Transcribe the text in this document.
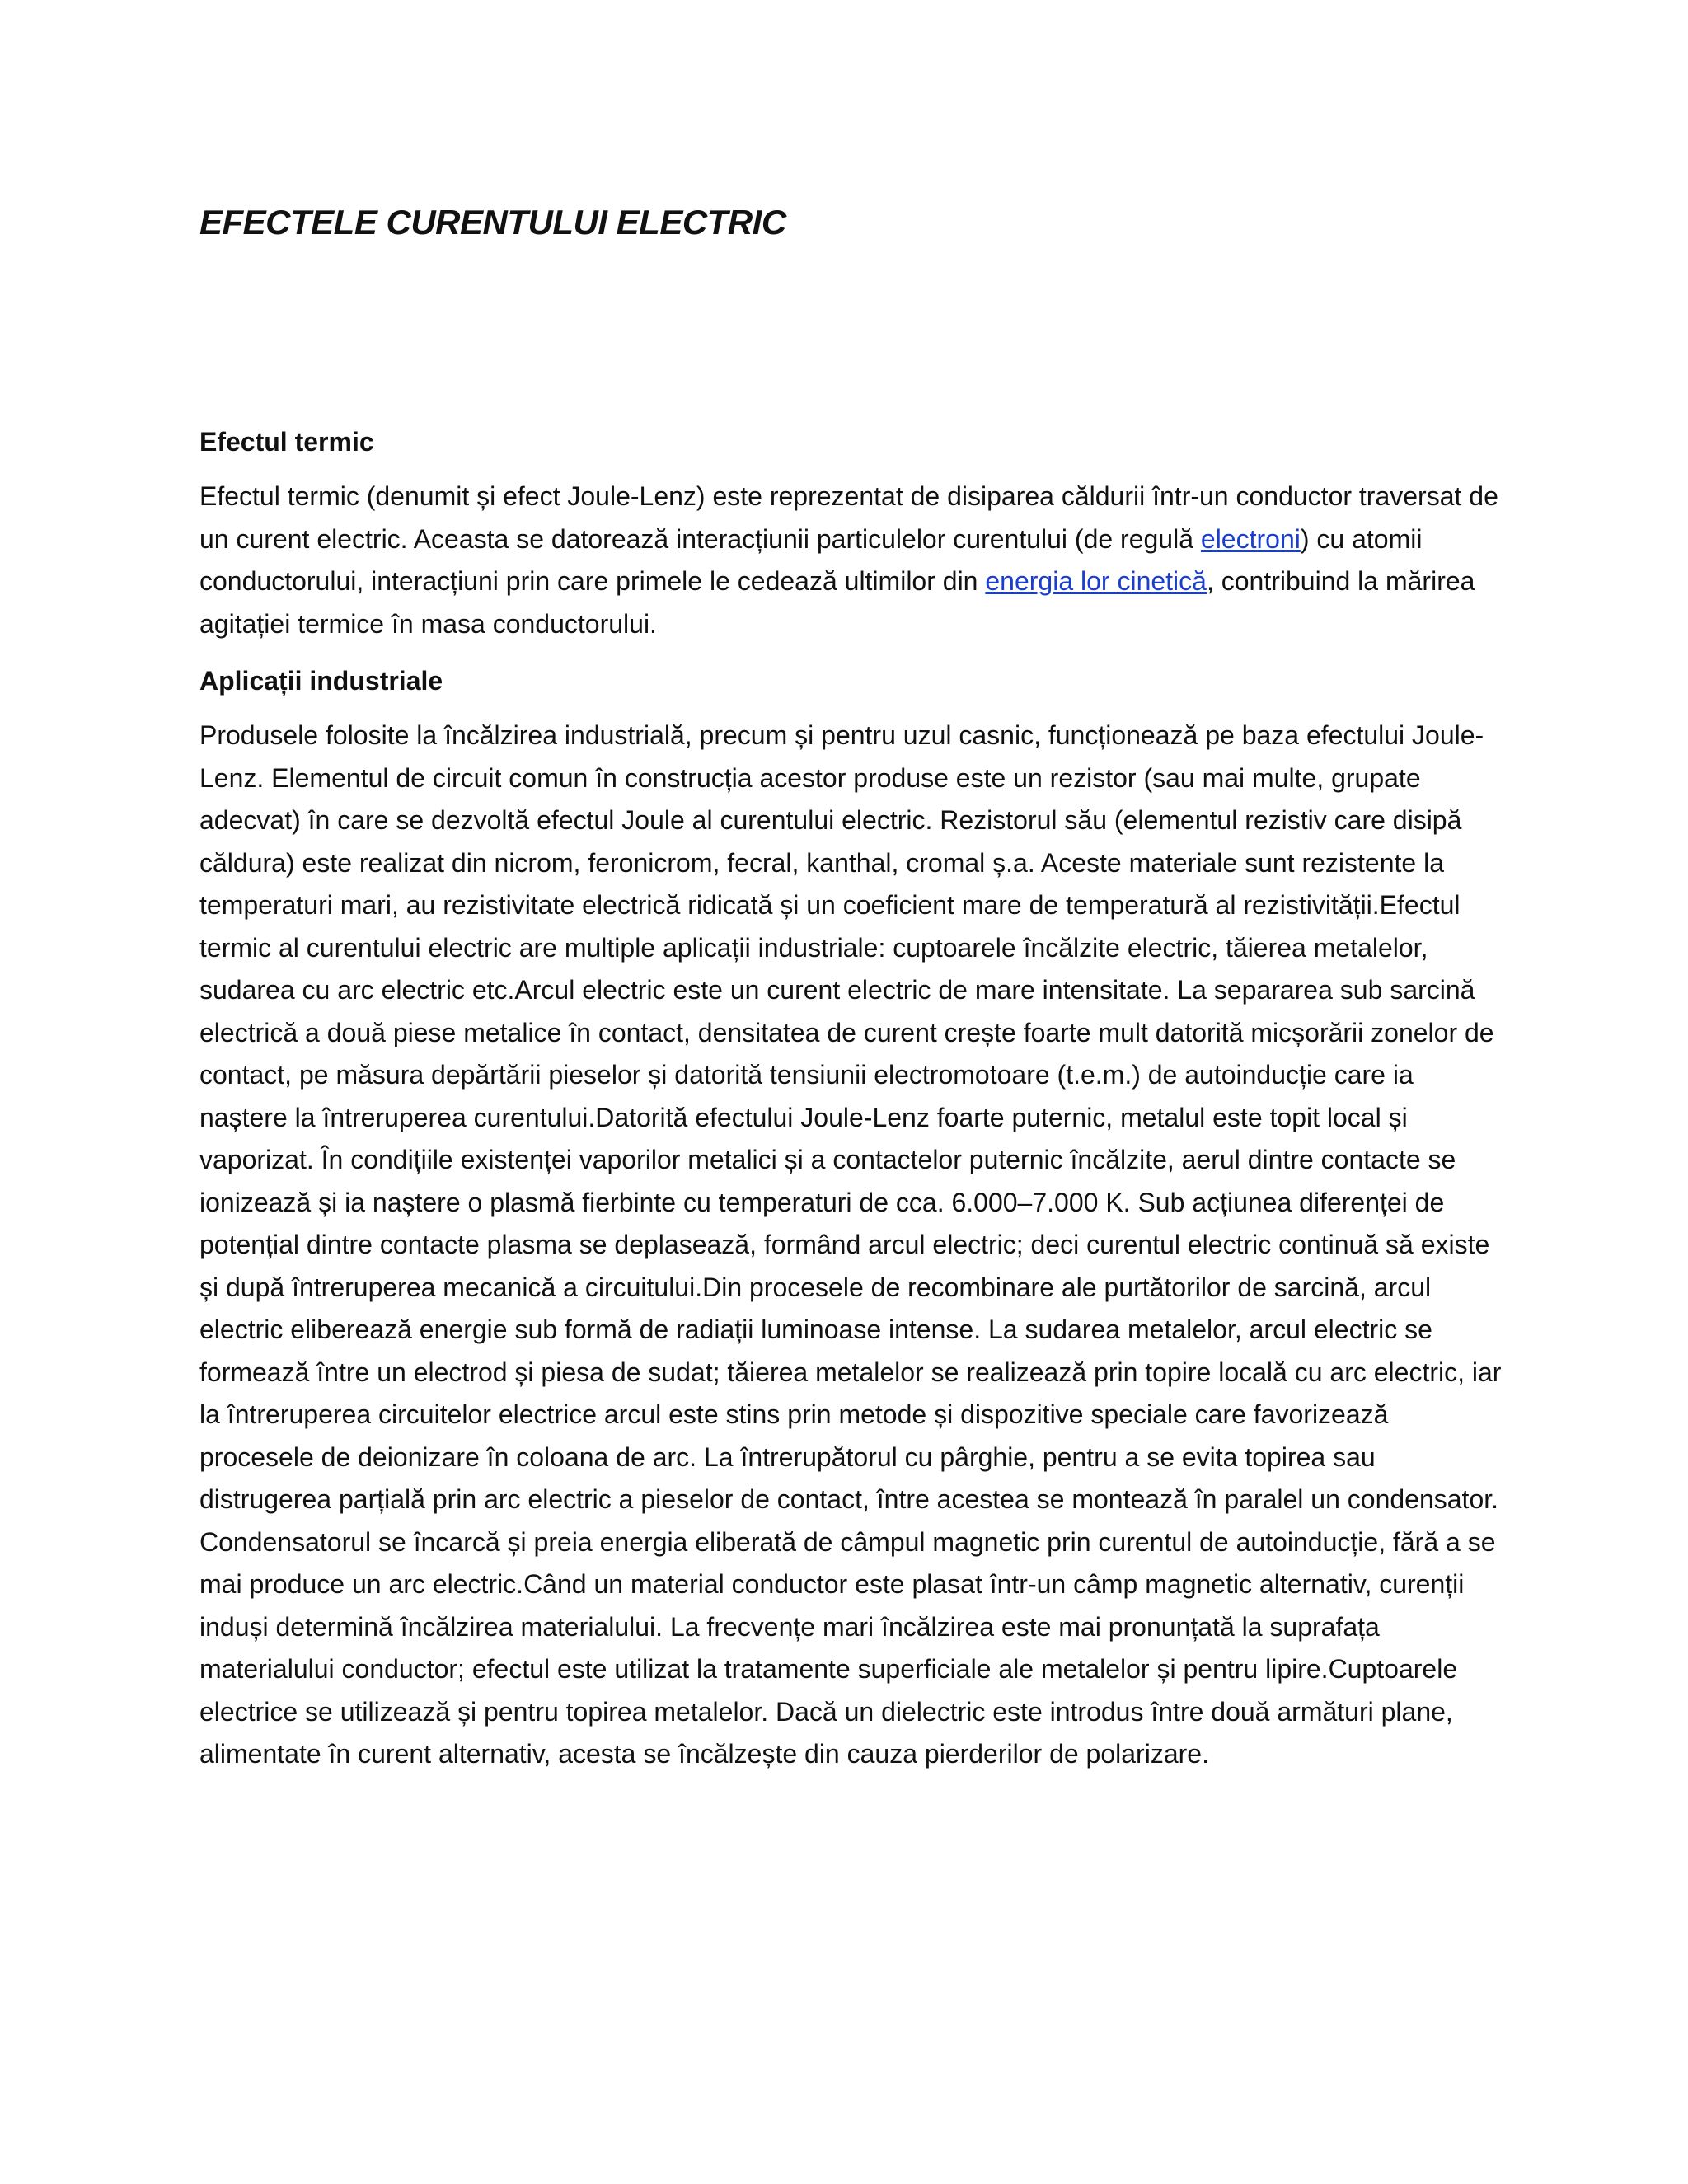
EFECTELE CURENTULUI ELECTRIC
Efectul termic

Efectul termic (denumit și efect Joule-Lenz) este reprezentat de disiparea căldurii într-un conductor traversat de un curent electric. Aceasta se datorează interacțiunii particulelor curentului (de regulă electroni) cu atomii conductorului, interacțiuni prin care primele le cedează ultimilor din energia lor cinetică, contribuind la mărirea agitației termice în masa conductorului.

Aplicații industriale

Produsele folosite la încălzirea industrială, precum și pentru uzul casnic, funcționează pe baza efectului Joule-Lenz. Elementul de circuit comun în construcția acestor produse este un rezistor (sau mai multe, grupate adecvat) în care se dezvoltă efectul Joule al curentului electric. Rezistorul său (elementul rezistiv care disipă căldura) este realizat din nicrom, feronicrom, fecral, kanthal, cromal ș.a. Aceste materiale sunt rezistente la temperaturi mari, au rezistivitate electrică ridicată și un coeficient mare de temperatură al rezistivității.Efectul termic al curentului electric are multiple aplicații industriale: cuptoarele încălzite electric, tăierea metalelor, sudarea cu arc electric etc.Arcul electric este un curent electric de mare intensitate. La separarea sub sarcină electrică a două piese metalice în contact, densitatea de curent crește foarte mult datorită micșorării zonelor de contact, pe măsura depărtării pieselor și datorită tensiunii electromotoare (t.e.m.) de autoinducție care ia naștere la întreruperea curentului.Datorită efectului Joule-Lenz foarte puternic, metalul este topit local și vaporizat. În condițiile existenței vaporilor metalici și a contactelor puternic încălzite, aerul dintre contacte se ionizează și ia naștere o plasmă fierbinte cu temperaturi de cca. 6.000–7.000 K. Sub acțiunea diferenței de potențial dintre contacte plasma se deplasează, formând arcul electric; deci curentul electric continuă să existe și după întreruperea mecanică a circuitului.Din procesele de recombinare ale purtătorilor de sarcină, arcul electric eliberează energie sub formă de radiații luminoase intense. La sudarea metalelor, arcul electric se formează între un electrod și piesa de sudat; tăierea metalelor se realizează prin topire locală cu arc electric, iar la întreruperea circuitelor electrice arcul este stins prin metode și dispozitive speciale care favorizează procesele de deionizare în coloana de arc. La întrerupătorul cu pârghie, pentru a se evita topirea sau distrugerea parțială prin arc electric a pieselor de contact, între acestea se montează în paralel un condensator. Condensatorul se încarcă și preia energia eliberată de câmpul magnetic prin curentul de autoinducție, fără a se mai produce un arc electric.Când un material conductor este plasat într-un câmp magnetic alternativ, curenții induși determină încălzirea materialului. La frecvențe mari încălzirea este mai pronunțată la suprafața materialului conductor; efectul este utilizat la tratamente superficiale ale metalelor și pentru lipire.Cuptoarele electrice se utilizează și pentru topirea metalelor. Dacă un dielectric este introdus între două armături plane, alimentate în curent alternativ, acesta se încălzește din cauza pierderilor de polarizare.
